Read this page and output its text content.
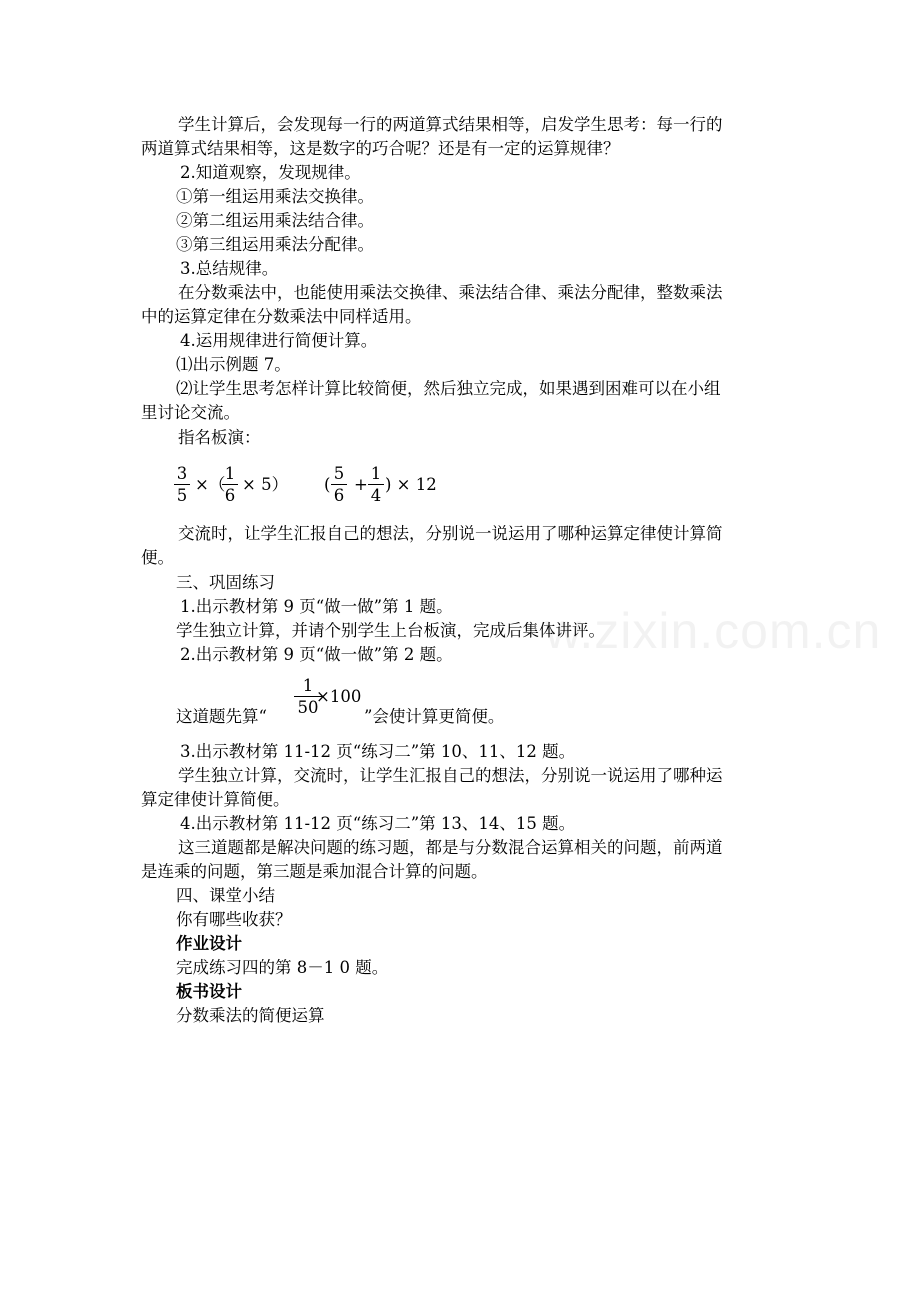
w.zixin.com.cn
学生计算后，会发现每一行的两道算式结果相等，启发学生思考：每一行的
两道算式结果相等，这是数字的巧合呢？还是有一定的运算规律？
2.知道观察，发现规律。
①第一组运用乘法交换律。
②第二组运用乘法结合律。
③第三组运用乘法分配律。
3.总结规律。
在分数乘法中，也能使用乘法交换律、乘法结合律、乘法分配律，整数乘法
中的运算定律在分数乘法中同样适用。
4.运用规律进行简便计算。
⑴出示例题 7。
⑵让学生思考怎样计算比较简便，然后独立完成，如果遇到困难可以在小组
里讨论交流。
指名板演：
3
5
×（
1
6
× 5） (
5
6
+
1
4
) × 12
交流时，让学生汇报自己的想法，分别说一说运用了哪种运算定律使计算简
便。
三、巩固练习
1.出示教材第 9 页“做一做”第 1 题。
学生独立计算，并请个别学生上台板演，完成后集体讲评。
2.出示教材第 9 页“做一做”第 2 题。
这道题先算“
1
50
×100
”会使计算更简便。
3.出示教材第 11-12 页“练习二”第 10、11、12 题。
学生独立计算，交流时，让学生汇报自己的想法，分别说一说运用了哪种运
算定律使计算简便。
4.出示教材第 11-12 页“练习二”第 13、14、15 题。
这三道题都是解决问题的练习题，都是与分数混合运算相关的问题，前两道
是连乘的问题，第三题是乘加混合计算的问题。
四、课堂小结
你有哪些收获？
作业设计
完成练习四的第 8－1 0 题。
板书设计
分数乘法的简便运算
